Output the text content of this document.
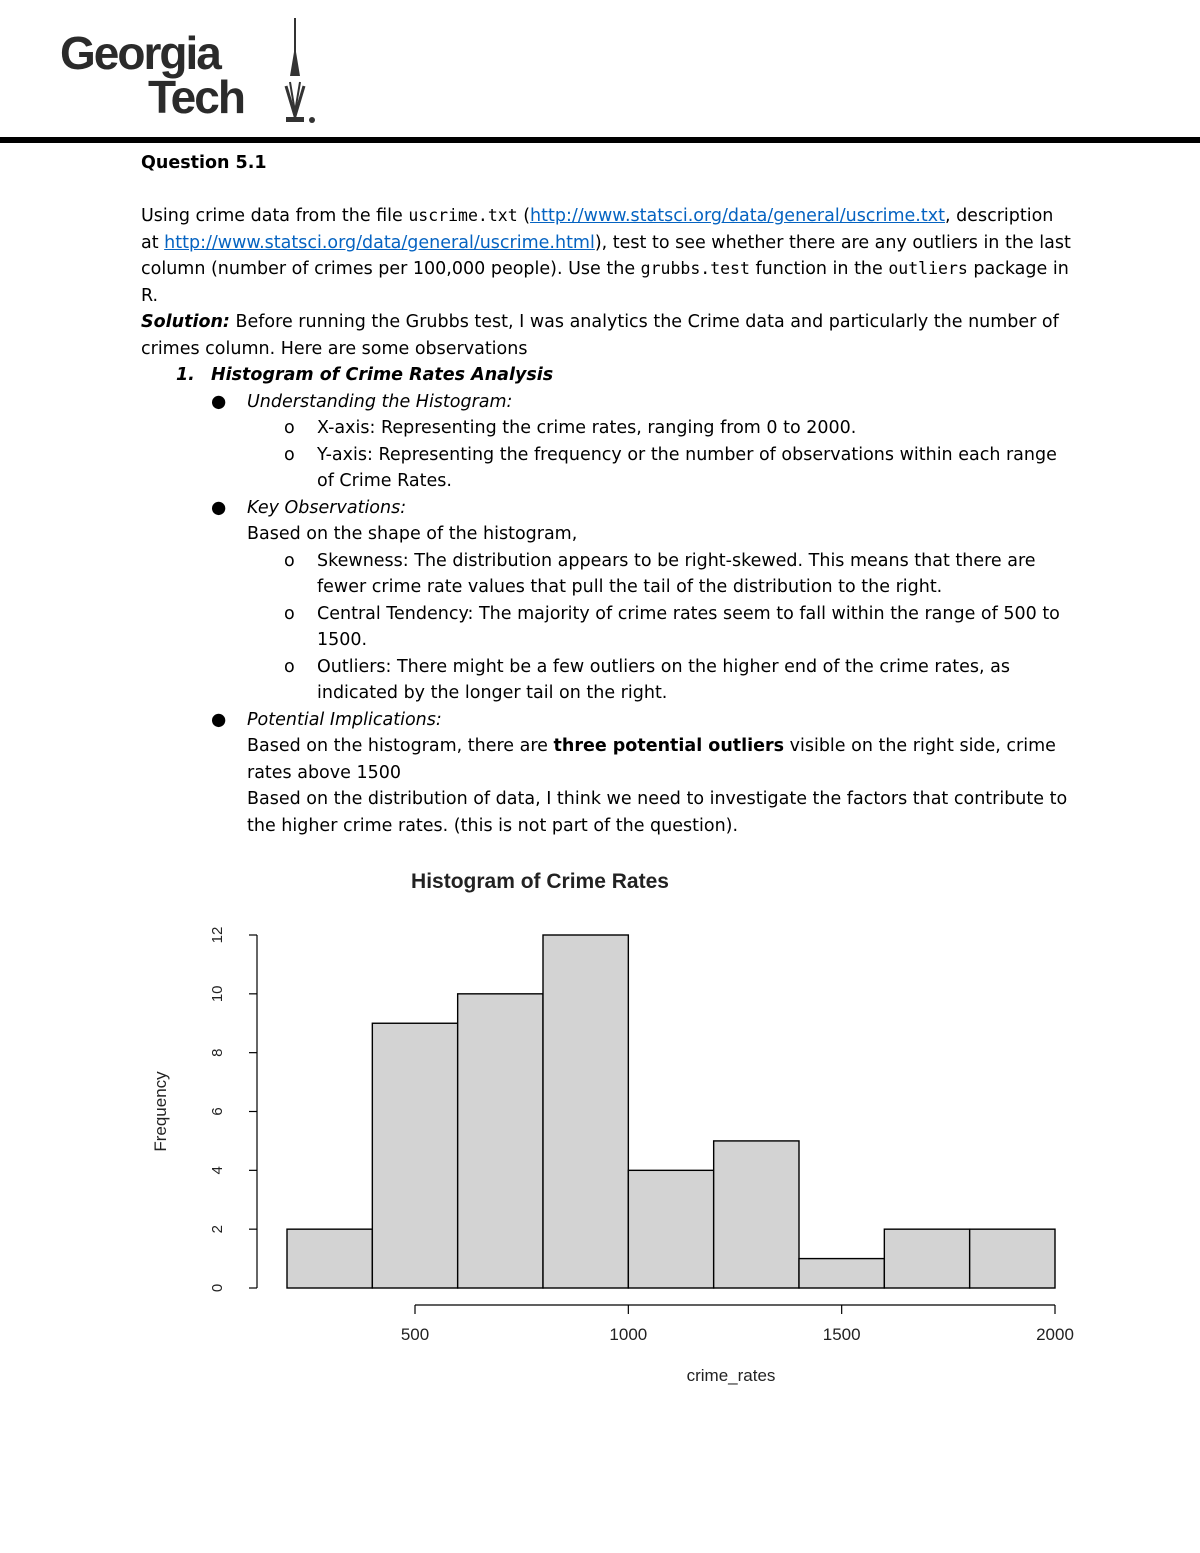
Georgia
Tech

Question 5.1

Using crime data from the file uscrime.txt (http://www.statsci.org/data/general/uscrime.txt, description at http://www.statsci.org/data/general/uscrime.html), test to see whether there are any outliers in the last column (number of crimes per 100,000 people). Use the grubbs.test function in the outliers package in R.

Solution: Before running the Grubbs test, I was analytics the Crime data and particularly the number of crimes column. Here are some observations

1. Histogram of Crime Rates Analysis

● Understanding the Histogram:

o X-axis: Representing the crime rates, ranging from 0 to 2000.

o Y-axis: Representing the frequency or the number of observations within each range of Crime Rates.

● Key Observations:

Based on the shape of the histogram,

o Skewness: The distribution appears to be right-skewed. This means that there are fewer crime rate values that pull the tail of the distribution to the right.

o Central Tendency: The majority of crime rates seem to fall within the range of 500 to 1500.

o Outliers: There might be a few outliers on the higher end of the crime rates, as indicated by the longer tail on the right.

● Potential Implications:

Based on the histogram, there are three potential outliers visible on the right side, crime rates above 1500

Based on the distribution of data, I think we need to investigate the factors that contribute to the higher crime rates. (this is not part of the question).

Histogram of Crime Rates
0
2
4
6
8
10
12
Frequency
500	1000	1500	2000
crime_rates
